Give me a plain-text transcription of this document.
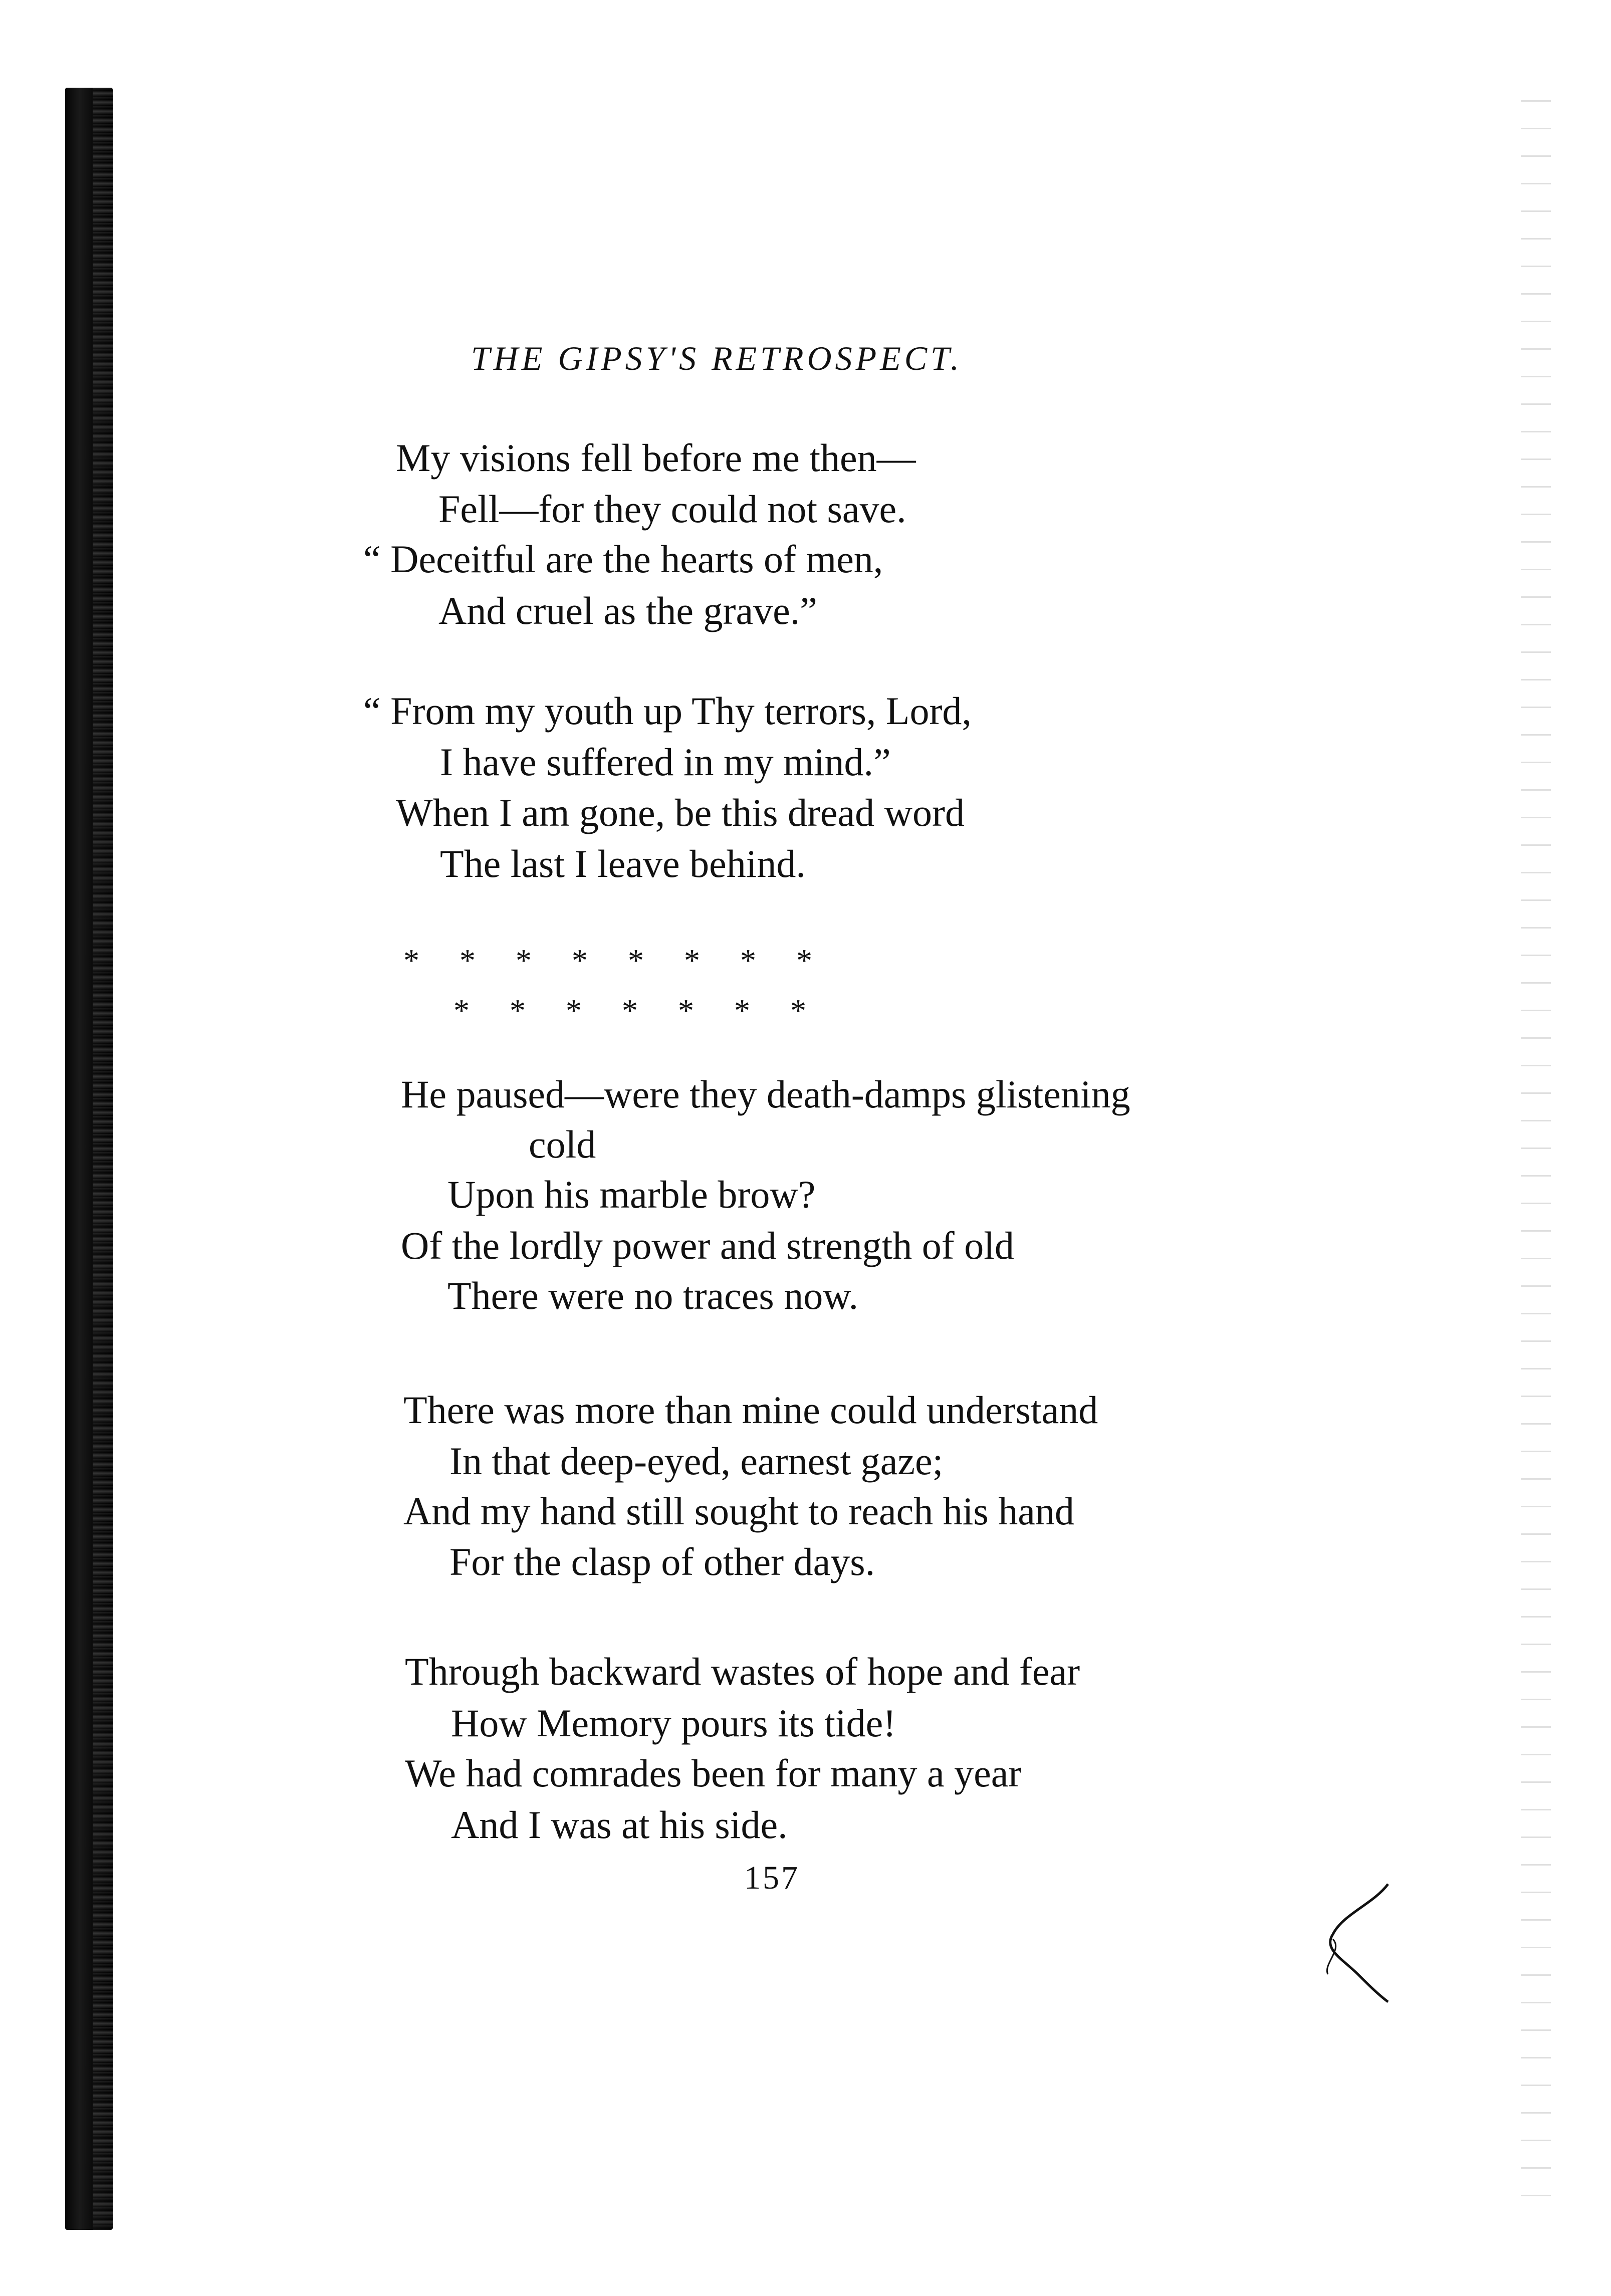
THE GIPSY'S RETROSPECT.
My visions fell before me then—
Fell—for they could not save.
“ Deceitful are the hearts of men,
And cruel as the grave.”
“ From my youth up Thy terrors, Lord,
I have suffered in my mind.”
When I am gone, be this dread word
The last I leave behind.
*     *     *     *     *     *     *     *
*     *     *     *     *     *     *
He paused—were they death-damps glistening
cold
Upon his marble brow?
Of the lordly power and strength of old
There were no traces now.
There was more than mine could understand
In that deep-eyed, earnest gaze;
And my hand still sought to reach his hand
For the clasp of other days.
Through backward wastes of hope and fear
How Memory pours its tide!
We had comrades been for many a year
And I was at his side.
157
